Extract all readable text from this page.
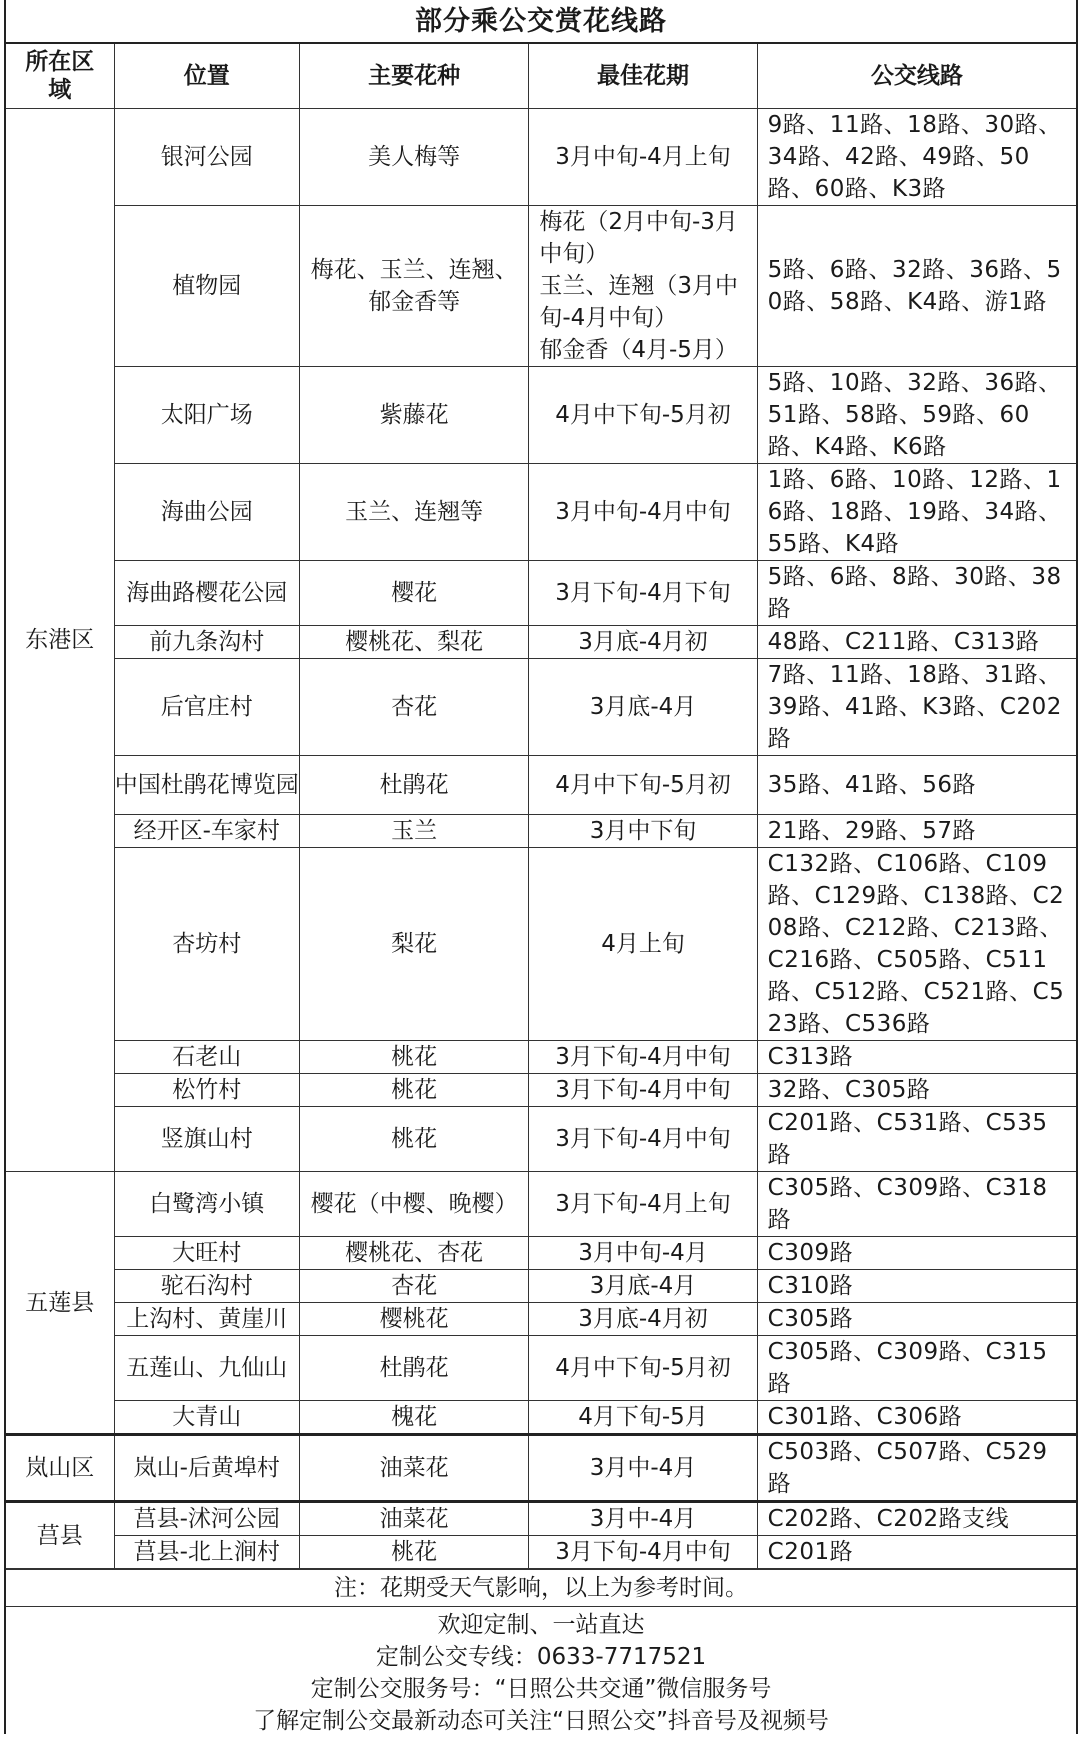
部分乘公交赏花线路
所在区域	位置	主要花种	最佳花期	公交线路
东港区	银河公园	美人梅等	3月中旬-4月上旬	9路、11路、18路、30路、34路、42路、49路、50路、60路、K3路
	植物园	梅花、玉兰、连翘、郁金香等	梅花（2月中旬-3月中旬）
玉兰、连翘（3月中旬-4月中旬）
郁金香（4月-5月）	5路、6路、32路、36路、50路、58路、K4路、游1路
	太阳广场	紫藤花	4月中下旬-5月初	5路、10路、32路、36路、51路、58路、59路、60路、K4路、K6路
	海曲公园	玉兰、连翘等	3月中旬-4月中旬	1路、6路、10路、12路、16路、18路、19路、34路、55路、K4路
	海曲路樱花公园	樱花	3月下旬-4月下旬	5路、6路、8路、30路、38路
	前九条沟村	樱桃花、梨花	3月底-4月初	48路、C211路、C313路
	后官庄村	杏花	3月底-4月	7路、11路、18路、31路、39路、41路、K3路、C202路
	中国杜鹃花博览园	杜鹃花	4月中下旬-5月初	35路、41路、56路
	经开区-车家村	玉兰	3月中下旬	21路、29路、57路
	杏坊村	梨花	4月上旬	C132路、C106路、C109路、C129路、C138路、C208路、C212路、C213路、C216路、C505路、C511路、C512路、C521路、C523路、C536路
	石老山	桃花	3月下旬-4月中旬	C313路
	松竹村	桃花	3月下旬-4月中旬	32路、C305路
	竖旗山村	桃花	3月下旬-4月中旬	C201路、C531路、C535路
五莲县	白鹭湾小镇	樱花（中樱、晚樱）	3月下旬-4月上旬	C305路、C309路、C318路
	大旺村	樱桃花、杏花	3月中旬-4月	C309路
	驼石沟村	杏花	3月底-4月	C310路
	上沟村、黄崖川	樱桃花	3月底-4月初	C305路
	五莲山、九仙山	杜鹃花	4月中下旬-5月初	C305路、C309路、C315路
	大青山	槐花	4月下旬-5月	C301路、C306路
岚山区	岚山-后黄埠村	油菜花	3月中-4月	C503路、C507路、C529路
莒县	莒县-沭河公园	油菜花	3月中-4月	C202路、C202路支线
	莒县-北上涧村	桃花	3月下旬-4月中旬	C201路
注：花期受天气影响，以上为参考时间。
欢迎定制、一站直达
定制公交专线：0633-7717521
定制公交服务号：“日照公共交通”微信服务号
了解定制公交最新动态可关注“日照公交”抖音号及视频号
